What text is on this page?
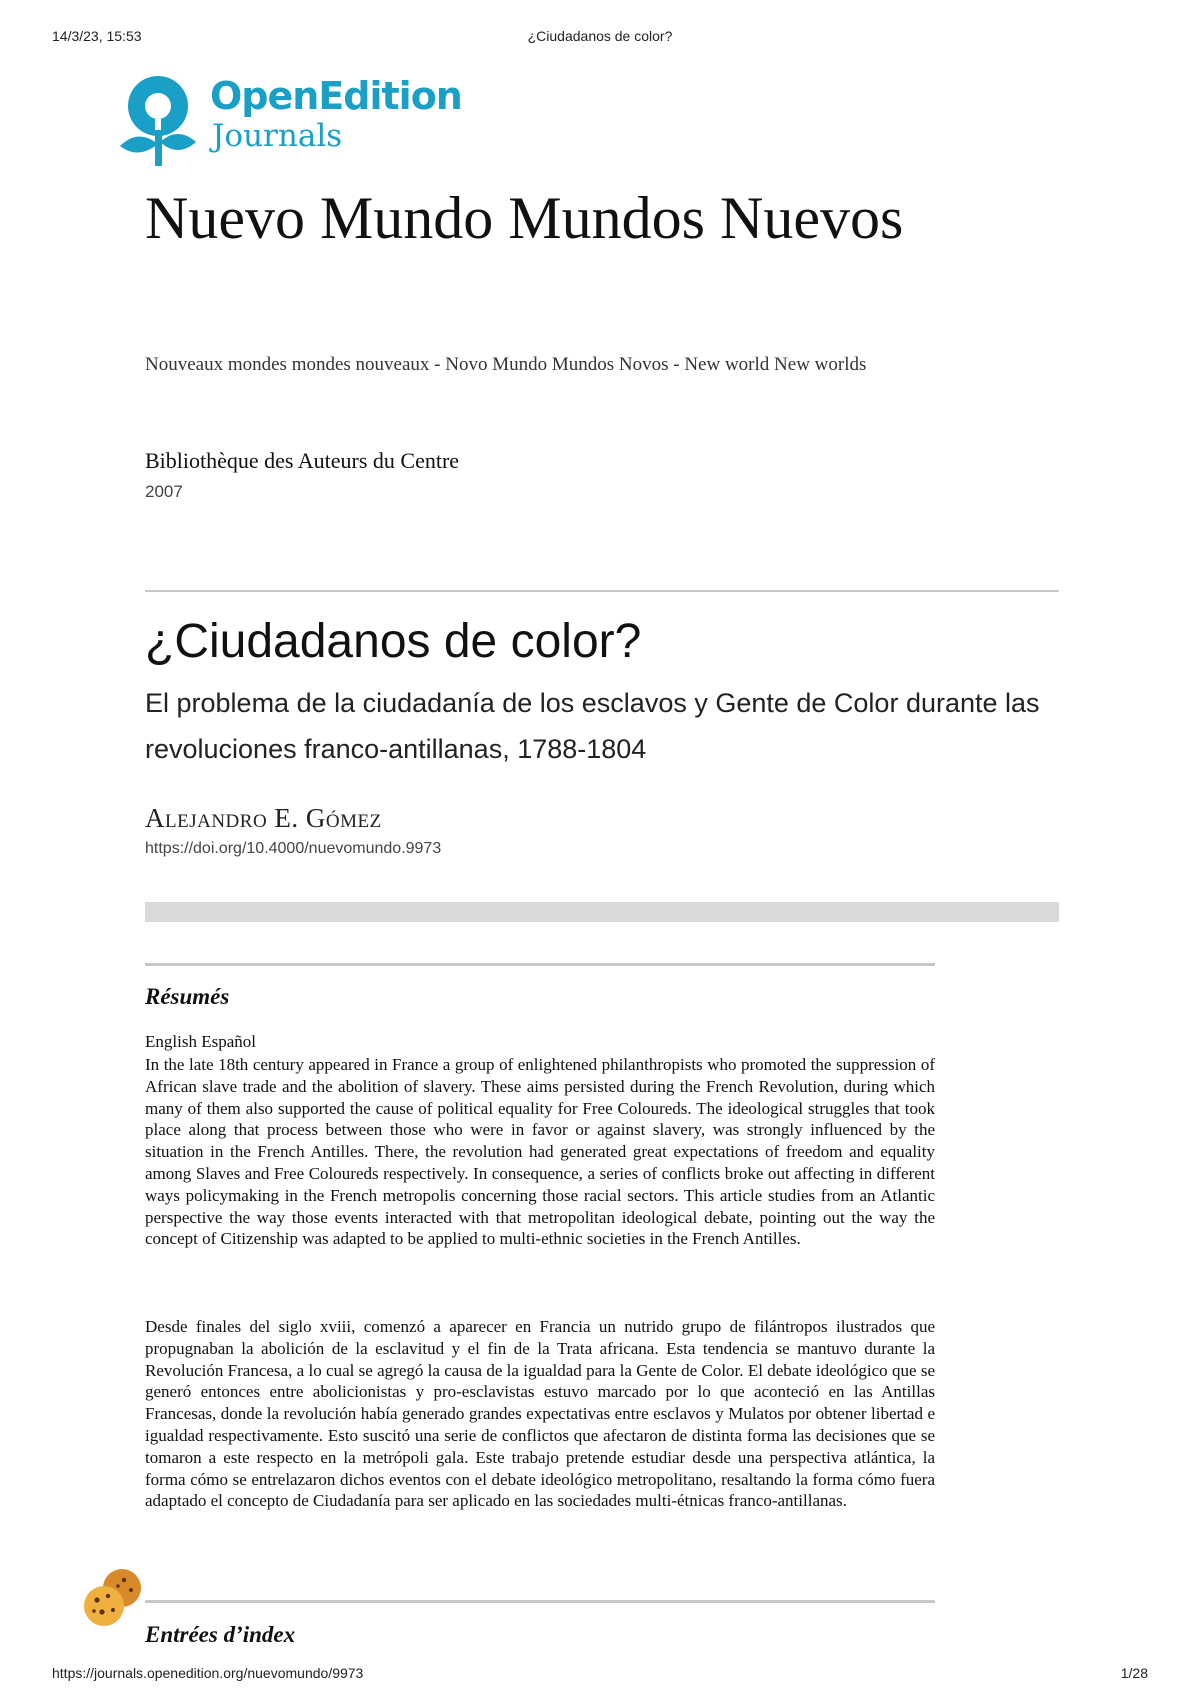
14/3/23, 15:53	¿Ciudadanos de color?
OpenEdition
Journals
Nuevo Mundo Mundos Nuevos
Nouveaux mondes mondes nouveaux - Novo Mundo Mundos Novos - New world New worlds
Bibliothèque des Auteurs du Centre
2007
¿Ciudadanos de color?
El problema de la ciudadanía de los esclavos y Gente de Color durante las revoluciones franco-antillanas, 1788-1804
Alejandro E. Gómez
https://doi.org/10.4000/nuevomundo.9973
Résumés
English Español

In the late 18th century appeared in France a group of enlightened philanthropists who promoted the suppression of African slave trade and the abolition of slavery. These aims persisted during the French Revolution, during which many of them also supported the cause of political equality for Free Coloureds. The ideological struggles that took place along that process between those who were in favor or against slavery, was strongly influenced by the situation in the French Antilles. There, the revolution had generated great expectations of freedom and equality among Slaves and Free Coloureds respectively. In consequence, a series of conflicts broke out affecting in different ways policymaking in the French metropolis concerning those racial sectors. This article studies from an Atlantic perspective the way those events interacted with that metropolitan ideological debate, pointing out the way the concept of Citizenship was adapted to be applied to multi-ethnic societies in the French Antilles.

Desde finales del siglo xviii, comenzó a aparecer en Francia un nutrido grupo de filántropos ilustrados que propugnaban la abolición de la esclavitud y el fin de la Trata africana. Esta tendencia se mantuvo durante la Revolución Francesa, a lo cual se agregó la causa de la igualdad para la Gente de Color. El debate ideológico que se generó entonces entre abolicionistas y pro-esclavistas estuvo marcado por lo que aconteció en las Antillas Francesas, donde la revolución había generado grandes expectativas entre esclavos y Mulatos por obtener libertad e igualdad respectivamente. Esto suscitó una serie de conflictos que afectaron de distinta forma las decisiones que se tomaron a este respecto en la metrópoli gala. Este trabajo pretende estudiar desde una perspectiva atlántica, la forma cómo se entrelazaron dichos eventos con el debate ideológico metropolitano, resaltando la forma cómo fuera adaptado el concepto de Ciudadanía para ser aplicado en las sociedades multi-étnicas franco-antillanas.

Entrées d’index
https://journals.openedition.org/nuevomundo/9973	1/28
